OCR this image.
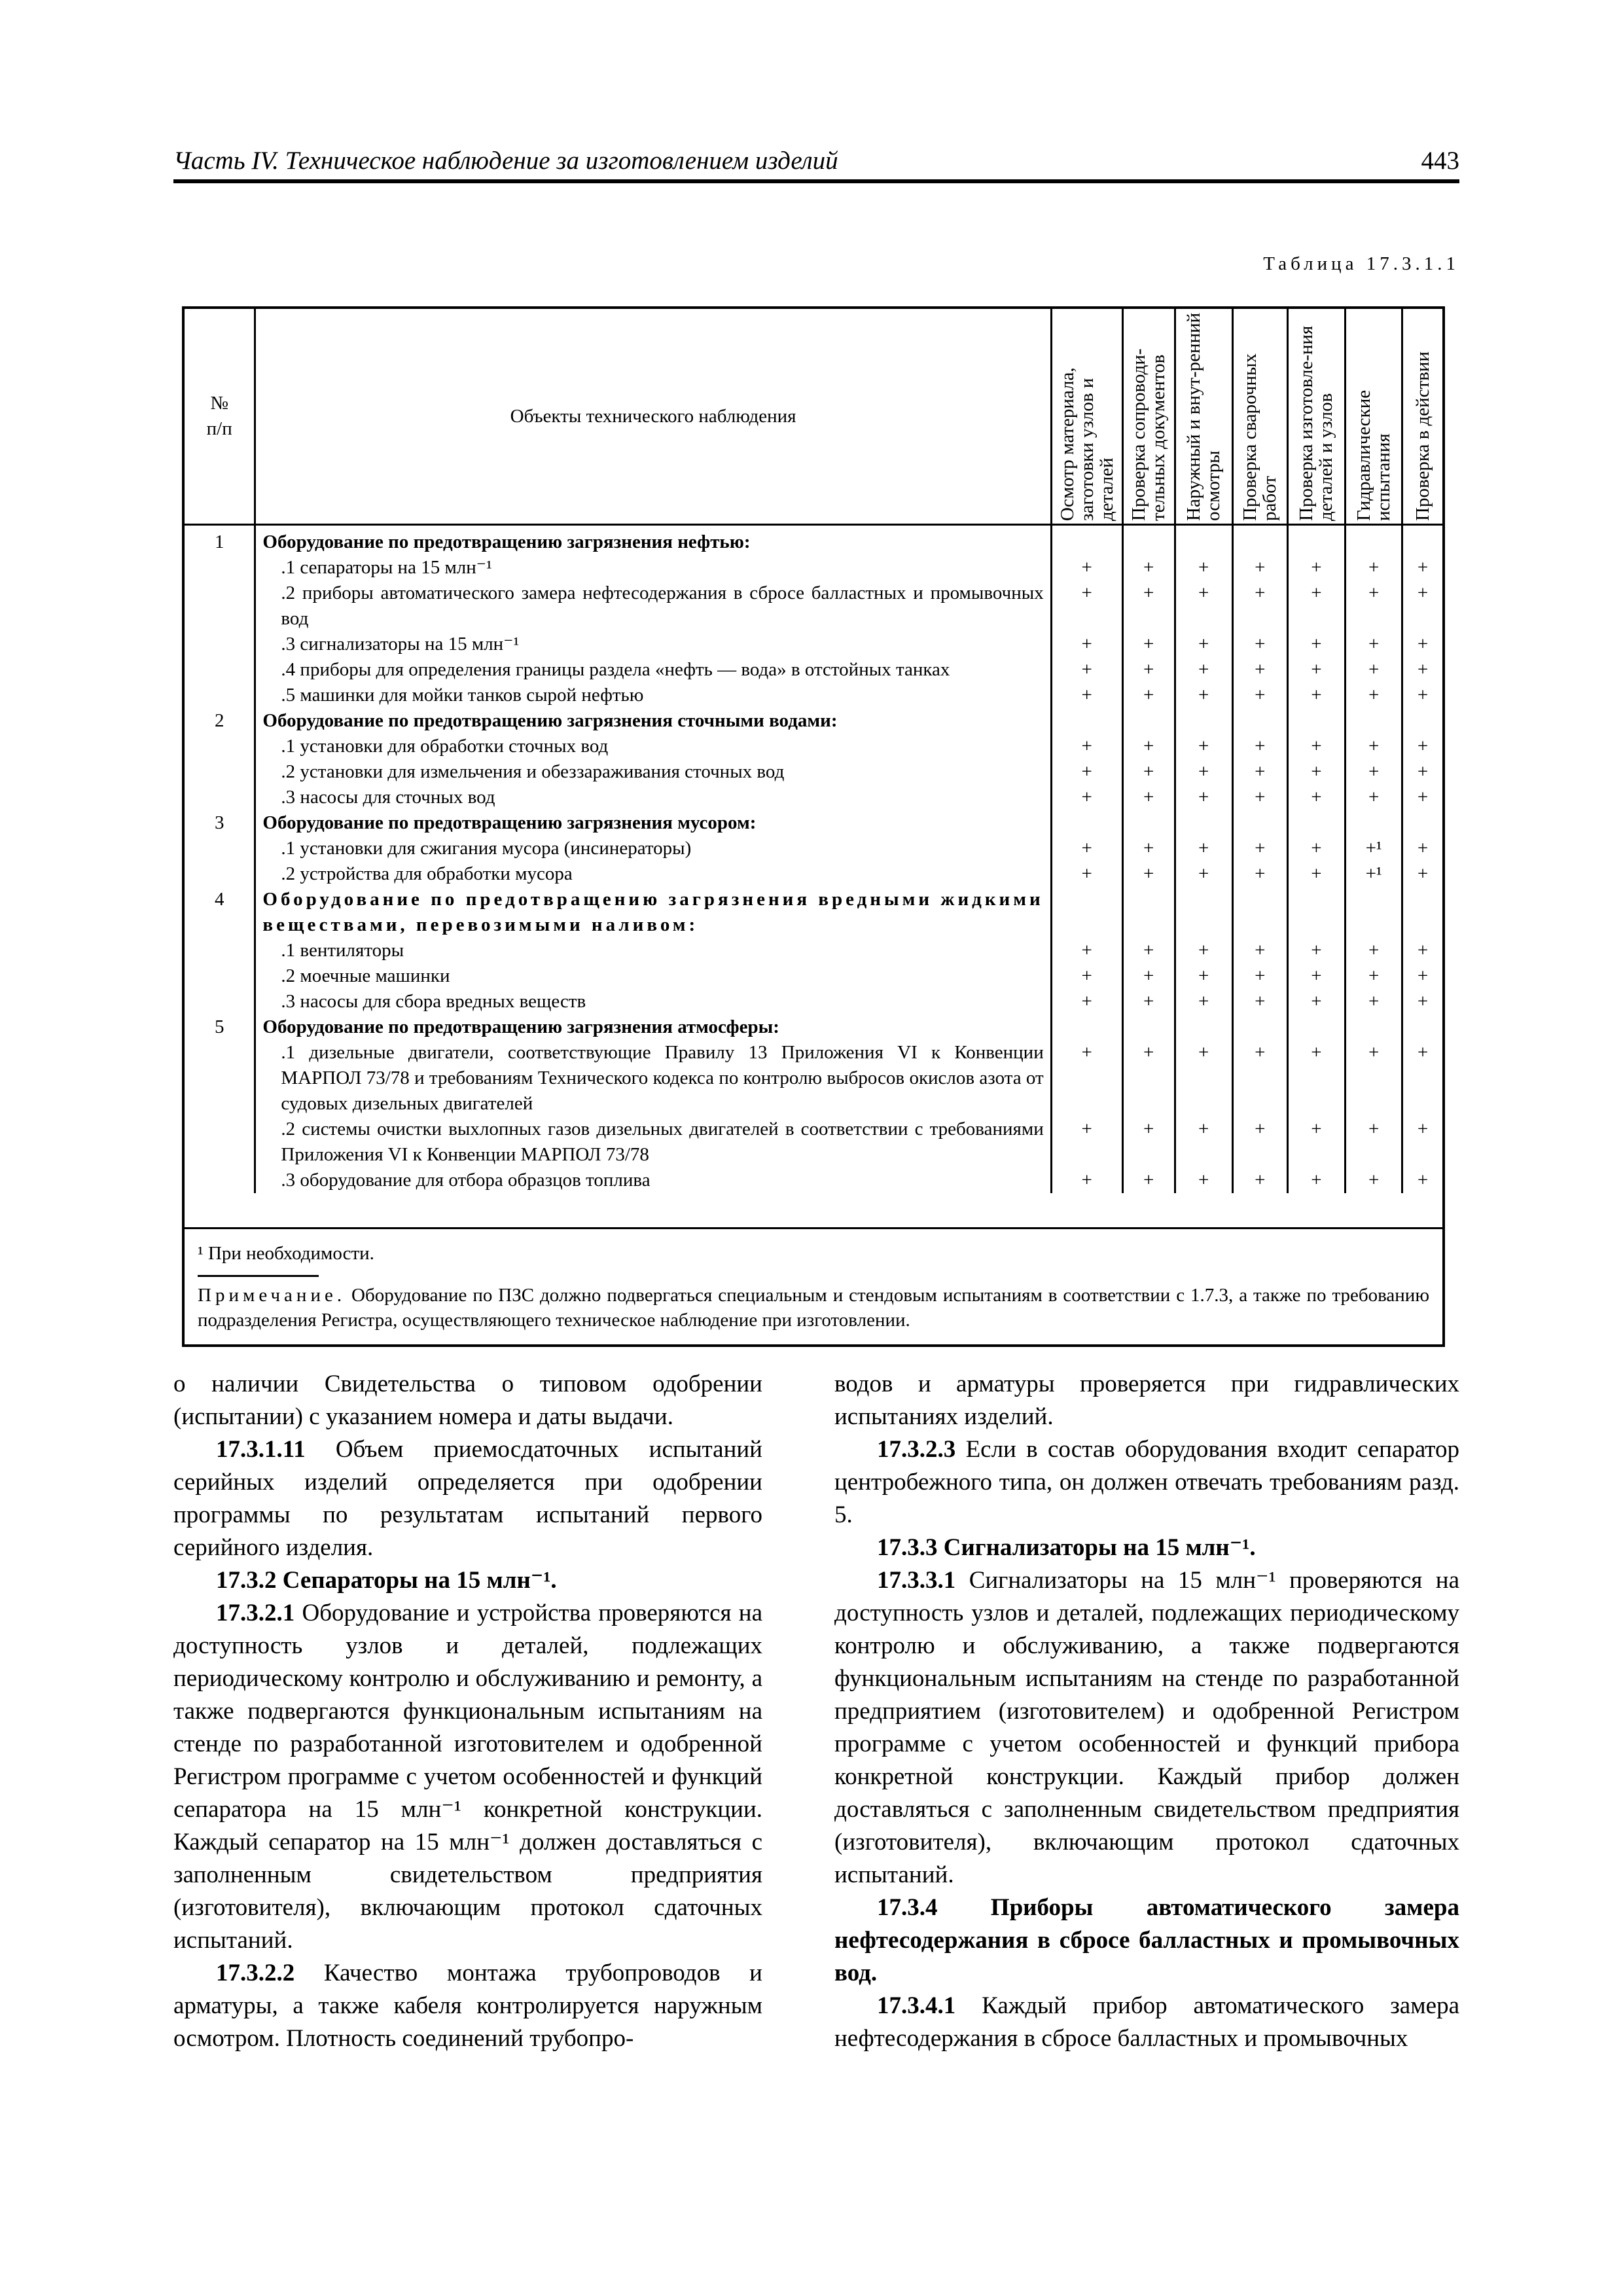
Часть IV. Техническое наблюдение за изготовлением изделий	443
Таблица 17.3.1.1
№ п/п	Объекты технического наблюдения	Осмотр материала, заготовки узлов и деталей	Проверка сопроводи-тельных документов	Наружный и внут-ренний осмотры	Проверка сварочных работ	Проверка изготовле-ния деталей и узлов	Гидравлические испытания	Проверка в действии

1	Оборудование по предотвращению загрязнения нефтью:							
	.1 сепараторы на 15 млн⁻¹	+	+	+	+	+	+	+
	.2 приборы автоматического замера нефтесодержания в сбросе балластных и промывочных вод	+	+	+	+	+	+	+
	.3 сигнализаторы на 15 млн⁻¹	+	+	+	+	+	+	+
	.4 приборы для определения границы раздела «нефть — вода» в отстойных танках	+	+	+	+	+	+	+
	.5 машинки для мойки танков сырой нефтью	+	+	+	+	+	+	+
2	Оборудование по предотвращению загрязнения сточными водами:							
	.1 установки для обработки сточных вод	+	+	+	+	+	+	+
	.2 установки для измельчения и обеззараживания сточных вод	+	+	+	+	+	+	+
	.3 насосы для сточных вод	+	+	+	+	+	+	+
3	Оборудование по предотвращению загрязнения мусором:							
	.1 установки для сжигания мусора (инсинераторы)	+	+	+	+	+	+¹	+
	.2 устройства для обработки мусора	+	+	+	+	+	+¹	+
4	Оборудование по предотвращению загрязнения вредными жидкими веществами, перевозимыми наливом:							
	.1 вентиляторы	+	+	+	+	+	+	+
	.2 моечные машинки	+	+	+	+	+	+	+
	.3 насосы для сбора вредных веществ	+	+	+	+	+	+	+
5	Оборудование по предотвращению загрязнения атмосферы:							
	.1 дизельные двигатели, соответствующие Правилу 13 Приложения VI к Конвенции МАРПОЛ 73/78 и требованиям Технического кодекса по контролю выбросов окислов азота от судовых дизельных двигателей	+	+	+	+	+	+	+
	.2 системы очистки выхлопных газов дизельных двигателей в соответствии с требованиями Приложения VI к Конвенции МАРПОЛ 73/78	+	+	+	+	+	+	+
	.3 оборудование для отбора образцов топлива	+	+	+	+	+	+	+
¹ При необходимости.
Примечание. Оборудование по ПЗС должно подвергаться специальным и стендовым испытаниям в соответствии с 1.7.3, а также по требованию подразделения Регистра, осуществляющего техническое наблюдение при изготовлении.

о наличии Свидетельства о типовом одобрении (испытании) с указанием номера и даты выдачи.

17.3.1.11 Объем приемосдаточных испытаний серийных изделий определяется при одобрении программы по результатам испытаний первого серийного изделия.

17.3.2 Сепараторы на 15 млн⁻¹.

17.3.2.1 Оборудование и устройства проверяются на доступность узлов и деталей, подлежащих периодическому контролю и обслуживанию и ремонту, а также подвергаются функциональным испытаниям на стенде по разработанной изготовителем и одобренной Регистром программе с учетом особенностей и функций сепаратора на 15 млн⁻¹ конкретной конструкции. Каждый сепаратор на 15 млн⁻¹ должен доставляться с заполненным свидетельством предприятия (изготовителя), включающим протокол сдаточных испытаний.

17.3.2.2 Качество монтажа трубопроводов и арматуры, а также кабеля контролируется наружным осмотром. Плотность соединений трубопро-

водов и арматуры проверяется при гидравлических испытаниях изделий.

17.3.2.3 Если в состав оборудования входит сепаратор центробежного типа, он должен отвечать требованиям разд. 5.

17.3.3 Сигнализаторы на 15 млн⁻¹.

17.3.3.1 Сигнализаторы на 15 млн⁻¹ проверяются на доступность узлов и деталей, подлежащих периодическому контролю и обслуживанию, а также подвергаются функциональным испытаниям на стенде по разработанной предприятием (изготовителем) и одобренной Регистром программе с учетом особенностей и функций прибора конкретной конструкции. Каждый прибор должен доставляться с заполненным свидетельством предприятия (изготовителя), включающим протокол сдаточных испытаний.

17.3.4 Приборы автоматического замера нефтесодержания в сбросе балластных и промывочных вод.

17.3.4.1 Каждый прибор автоматического замера нефтесодержания в сбросе балластных и промывочных
